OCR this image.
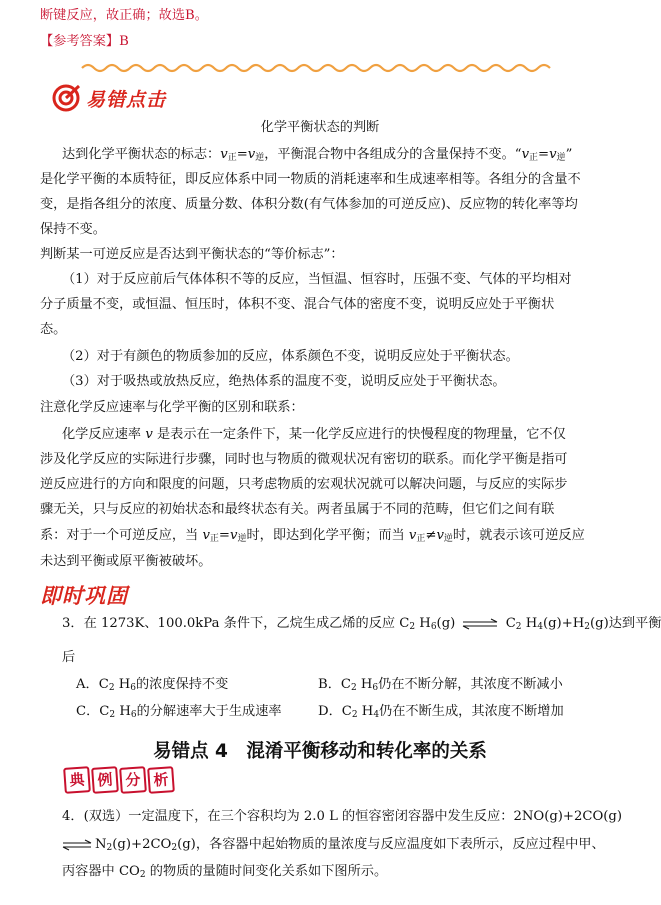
断键反应，故正确；故选B。
【参考答案】B
易错点击
化学平衡状态的判断
达到化学平衡状态的标志：$v_正=v_逆$，平衡混合物中各组成分的含量保持不变。“$v_正=v_逆$”
是化学平衡的本质特征，即反应体系中同一物质的消耗速率和生成速率相等。各组分的含量不
变，是指各组分的浓度、质量分数、体积分数(有气体参加的可逆反应)、反应物的转化率等均
保持不变。
判断某一可逆反应是否达到平衡状态的“等价标志”：
（1）对于反应前后气体体积不等的反应，当恒温、恒容时，压强不变、气体的平均相对
分子质量不变，或恒温、恒压时，体积不变、混合气体的密度不变，说明反应处于平衡状
态。
（2）对于有颜色的物质参加的反应，体系颜色不变，说明反应处于平衡状态。
（3）对于吸热或放热反应，绝热体系的温度不变，说明反应处于平衡状态。
注意化学反应速率与化学平衡的区别和联系：
化学反应速率 v 是表示在一定条件下，某一化学反应进行的快慢程度的物理量，它不仅
涉及化学反应的实际进行步骤，同时也与物质的微观状况有密切的联系。而化学平衡是指可
逆反应进行的方向和限度的问题，只考虑物质的宏观状况就可以解决问题，与反应的实际步
骤无关，只与反应的初始状态和最终状态有关。两者虽属于不同的范畴，但它们之间有联
系：对于一个可逆反应，当 $v_正=v_逆$时，即达到化学平衡；而当 $v_正\ne v_逆$时，就表示该可逆反应
未达到平衡或原平衡被破坏。
即时巩固
3．在 1273K、100.0kPa 条件下，乙烷生成乙烯的反应 $C_2$ $H_6(g)$ ⇌ $C_2$ $H_4(g)+H_2(g)$达到平衡
后
A．$C_2$ $H_6$的浓度保持不变	B．$C_2$ $H_6$仍在不断分解，其浓度不断减小
C．$C_2$ $H_6$的分解速率大于生成速率	D．$C_2$ $H_4$仍在不断生成，其浓度不断增加
易错点 4　混淆平衡移动和转化率的关系
典 例 分 析
4．(双选）一定温度下，在三个容积均为 2.0 L 的恒容密闭容器中发生反应：2NO(g)+2CO(g)
⇌ $N_2(g)+2CO_2(g)$，各容器中起始物质的量浓度与反应温度如下表所示，反应过程中甲、
丙容器中 $CO_2$ 的物质的量随时间变化关系如下图所示。
